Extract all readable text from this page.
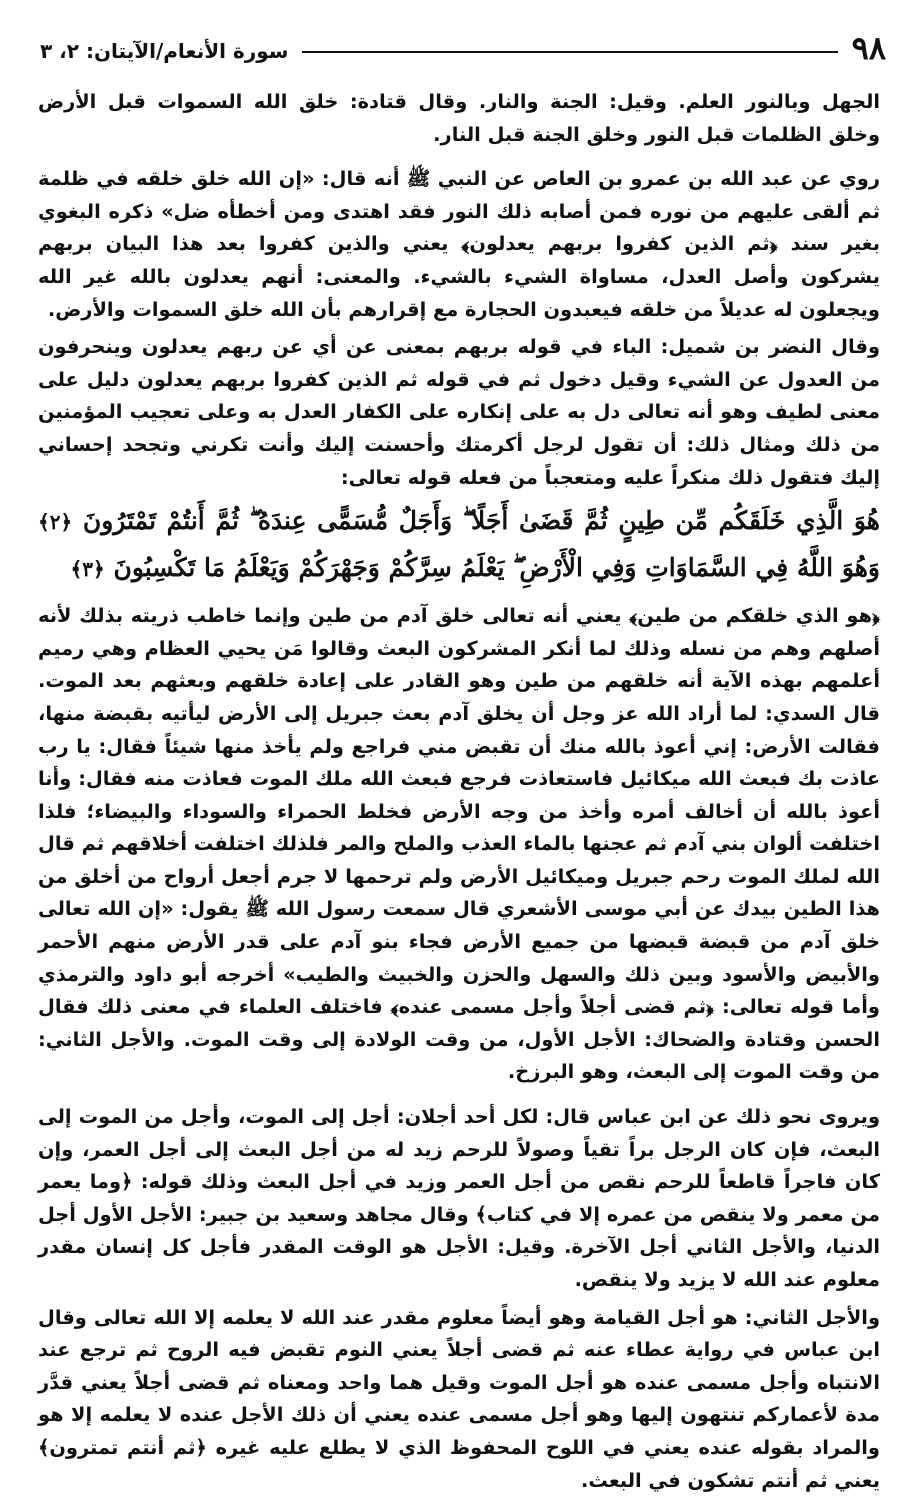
٩٨
سورة الأنعام/الآيتان: ٢، ٣

الجهل وبالنور العلم. وقيل: الجنة والنار. وقال قتادة: خلق الله السموات قبل الأرض وخلق الظلمات قبل النور وخلق الجنة قبل النار.

روي عن عبد الله بن عمرو بن العاص عن النبي ﷺ أنه قال: «إن الله خلق خلقه في ظلمة ثم ألقى عليهم من نوره فمن أصابه ذلك النور فقد اهتدى ومن أخطأه ضل» ذكره البغوي بغير سند ﴿ثم الذين كفروا بربهم يعدلون﴾ يعني والذين كفروا بعد هذا البيان بربهم يشركون وأصل العدل، مساواة الشيء بالشيء. والمعنى: أنهم يعدلون بالله غير الله ويجعلون له عديلاً من خلقه فيعبدون الحجارة مع إقرارهم بأن الله خلق السموات والأرض.

وقال النضر بن شميل: الباء في قوله بربهم بمعنى عن أي عن ربهم يعدلون وينحرفون من العدول عن الشيء وقيل دخول ثم في قوله ثم الذين كفروا بربهم يعدلون دليل على معنى لطيف وهو أنه تعالى دل به على إنكاره على الكفار العدل به وعلى تعجيب المؤمنين من ذلك ومثال ذلك: أن تقول لرجل أكرمتك وأحسنت إليك وأنت تكرني وتجحد إحساني إليك فتقول ذلك منكراً عليه ومتعجباً من فعله قوله تعالى:

هُوَ الَّذِي خَلَقَكُم مِّن طِينٍ ثُمَّ قَضَىٰ أَجَلًا ۖ وَأَجَلٌ مُّسَمًّى عِندَهُ ۖ ثُمَّ أَنتُمْ تَمْتَرُونَ ﴿٢﴾ وَهُوَ اللَّهُ فِي السَّمَاوَاتِ وَفِي الْأَرْضِ ۖ يَعْلَمُ سِرَّكُمْ وَجَهْرَكُمْ وَيَعْلَمُ مَا تَكْسِبُونَ ﴿٣﴾

﴿هو الذي خلقكم من طين﴾ يعني أنه تعالى خلق آدم من طين وإنما خاطب ذريته بذلك لأنه أصلهم وهم من نسله وذلك لما أنكر المشركون البعث وقالوا مَن يحيي العظام وهي رميم أعلمهم بهذه الآية أنه خلقهم من طين وهو القادر على إعادة خلقهم وبعثهم بعد الموت. قال السدي: لما أراد الله عز وجل أن يخلق آدم بعث جبريل إلى الأرض ليأتيه بقبضة منها، فقالت الأرض: إني أعوذ بالله منك أن تقبض مني فراجع ولم يأخذ منها شيئاً فقال: يا رب عاذت بك فبعث الله ميكائيل فاستعاذت فرجع فبعث الله ملك الموت فعاذت منه فقال: وأنا أعوذ بالله أن أخالف أمره وأخذ من وجه الأرض فخلط الحمراء والسوداء والبيضاء؛ فلذا اختلفت ألوان بني آدم ثم عجنها بالماء العذب والملح والمر فلذلك اختلفت أخلاقهم ثم قال الله لملك الموت رحم جبريل وميكائيل الأرض ولم ترحمها لا جرم أجعل أرواح من أخلق من هذا الطين بيدك عن أبي موسى الأشعري قال سمعت رسول الله ﷺ يقول: «إن الله تعالى خلق آدم من قبضة قبضها من جميع الأرض فجاء بنو آدم على قدر الأرض منهم الأحمر والأبيض والأسود وبين ذلك والسهل والحزن والخبيث والطيب» أخرجه أبو داود والترمذي وأما قوله تعالى: ﴿ثم قضى أجلاً وأجل مسمى عنده﴾ فاختلف العلماء في معنى ذلك فقال الحسن وقتادة والضحاك: الأجل الأول، من وقت الولادة إلى وقت الموت. والأجل الثاني: من وقت الموت إلى البعث، وهو البرزخ.

ويروى نحو ذلك عن ابن عباس قال: لكل أحد أجلان: أجل إلى الموت، وأجل من الموت إلى البعث، فإن كان الرجل براً تقياً وصولاً للرحم زيد له من أجل البعث إلى أجل العمر، وإن كان فاجراً قاطعاً للرحم نقص من أجل العمر وزيد في أجل البعث وذلك قوله: ﴿وما يعمر من معمر ولا ينقص من عمره إلا في كتاب﴾ وقال مجاهد وسعيد بن جبير: الأجل الأول أجل الدنيا، والأجل الثاني أجل الآخرة. وقيل: الأجل هو الوقت المقدر فأجل كل إنسان مقدر معلوم عند الله لا يزيد ولا ينقص.

والأجل الثاني: هو أجل القيامة وهو أيضاً معلوم مقدر عند الله لا يعلمه إلا الله تعالى وقال ابن عباس في رواية عطاء عنه ثم قضى أجلاً يعني النوم تقبض فيه الروح ثم ترجع عند الانتباه وأجل مسمى عنده هو أجل الموت وقيل هما واحد ومعناه ثم قضى أجلاً يعني قدَّر مدة لأعماركم تنتهون إليها وهو أجل مسمى عنده يعني أن ذلك الأجل عنده لا يعلمه إلا هو والمراد بقوله عنده يعني في اللوح المحفوظ الذي لا يطلع عليه غيره ﴿ثم أنتم تمترون﴾ يعني ثم أنتم تشكون في البعث.
